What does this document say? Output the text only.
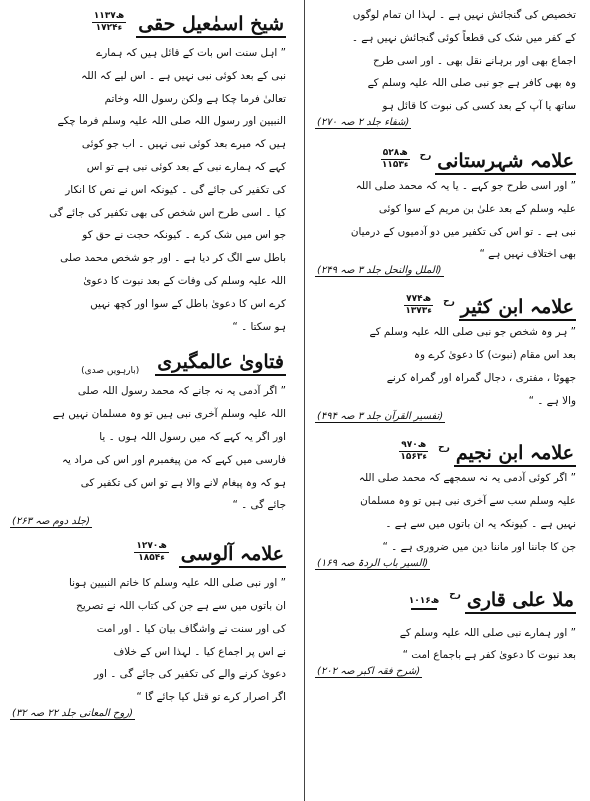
تخصیص کی گنجائش نہیں ہے ۔ لہذا ان تمام لوگوں

کے کفر میں شک کی قطعاً کوئی گنجائش نہیں ہے ۔

اجماع بھی اور برہانے نقل بھی ۔ اور اسی طرح

وہ بھی کافر ہے جو نبی صلی اللہ علیہ وسلم کے

ساتھ یا آپ کے بعد کسی کی نبوت کا قائل ہو

(شفاء جلد ۲ صہ ۲۷۰)
علامہ شہرستانی
رح
۵۲۸ھ
۱۱۵۳ء

” اور اسی طرح جو کہے ۔ یا یہ کہ محمد صلی اللہ

علیہ وسلم کے بعد علیٰ بن مریم کے سوا کوئی

نبی ہے ۔ تو اس کی تکفیر میں دو آدمیوں کے درمیان

بھی اختلاف نہیں ہے “

(الملل والنحل جلد ۳ صہ ۲۴۹)
علامہ ابن کثیر
رح
۷۷۴ھ
۱۳۷۳ء

” ہر وہ شخص جو نبی صلی اللہ علیہ وسلم کے

بعد اس مقام (نبوت) کا دعویٰ کرے وہ

جھوٹا ، مفتری ، دجال گمراہ اور گمراہ کرنے

والا ہے ۔ “

(تفسیر القرآن جلد ۳ صہ ۴۹۴)
علامہ ابن نجیم
رح
۹۷۰ھ
۱۵۶۳ء

” اگر کوئی آدمی یہ نہ سمجھے کہ محمد صلی اللہ

علیہ وسلم سب سے آخری نبی ہیں تو وہ مسلمان

نہیں ہے ۔ کیونکہ یہ ان باتوں میں سے ہے ۔

جن کا جاننا اور ماننا دین میں ضروری ہے ۔ “

(السیر باب الردۃ صہ ۱۶۹)
ملا علی قاری
رح
۱۰۱۶ھ

” اور ہمارے نبی صلی اللہ علیہ وسلم کے

بعد نبوت کا دعویٰ کفر ہے باجماع امت “

(شرح فقہ اکبر صہ ۲۰۲)
شیخ اسمٰعیل حقی
۱۱۳۷ھ
۱۷۲۴ء

” اہل سنت اس بات کے قائل ہیں کہ ہمارے

نبی کے بعد کوئی نبی نہیں ہے ۔ اس لیے کہ اللہ

تعالیٰ فرما چکا ہے ولکن رسول اللہ وخاتم

النبیین اور رسول اللہ صلی اللہ علیہ وسلم فرما چکے

ہیں کہ میرے بعد کوئی نبی نہیں ۔ اب جو کوئی

کہے کہ ہمارے نبی کے بعد کوئی نبی ہے تو اس

کی تکفیر کی جائے گی ۔ کیونکہ اس نے نص کا انکار

کیا ۔ اسی طرح اس شخص کی بھی تکفیر کی جائے گی

جو اس میں شک کرے ۔ کیونکہ حجت نے حق کو

باطل سے الگ کر دیا ہے ۔ اور جو شخص محمد صلی

اللہ علیہ وسلم کی وفات کے بعد نبوت کا دعویٰ

کرے اس کا دعویٰ باطل کے سوا اور کچھ نہیں

ہو سکتا ۔ “

فتاویٰ عالمگیری
(بارہویں صدی)

” اگر آدمی یہ نہ جانے کہ محمد رسول اللہ صلی

اللہ علیہ وسلم آخری نبی ہیں تو وہ مسلمان نہیں ہے

اور اگر یہ کہے کہ میں رسول اللہ ہوں ۔ یا

فارسی میں کہے کہ من پیغمبرم اور اس کی مراد یہ

ہو کہ وہ پیغام لانے والا ہے تو اس کی تکفیر کی

جائے گی ۔ “

(جلد دوم صہ ۲۶۳)
علامہ آلوسی
۱۲۷۰ھ
۱۸۵۴ء

” اور نبی صلی اللہ علیہ وسلم کا خاتم النبیین ہونا

ان باتوں میں سے ہے جن کی کتاب اللہ نے تصریح

کی اور سنت نے واشگاف بیان کیا ۔ اور امت

نے اس پر اجماع کیا ۔ لہذا اس کے خلاف

دعویٰ کرنے والے کی تکفیر کی جائے گی ۔ اور

اگر اصرار کرے تو قتل کیا جائے گا “

(روح المعانی جلد ۲۲ صہ ۳۲)
